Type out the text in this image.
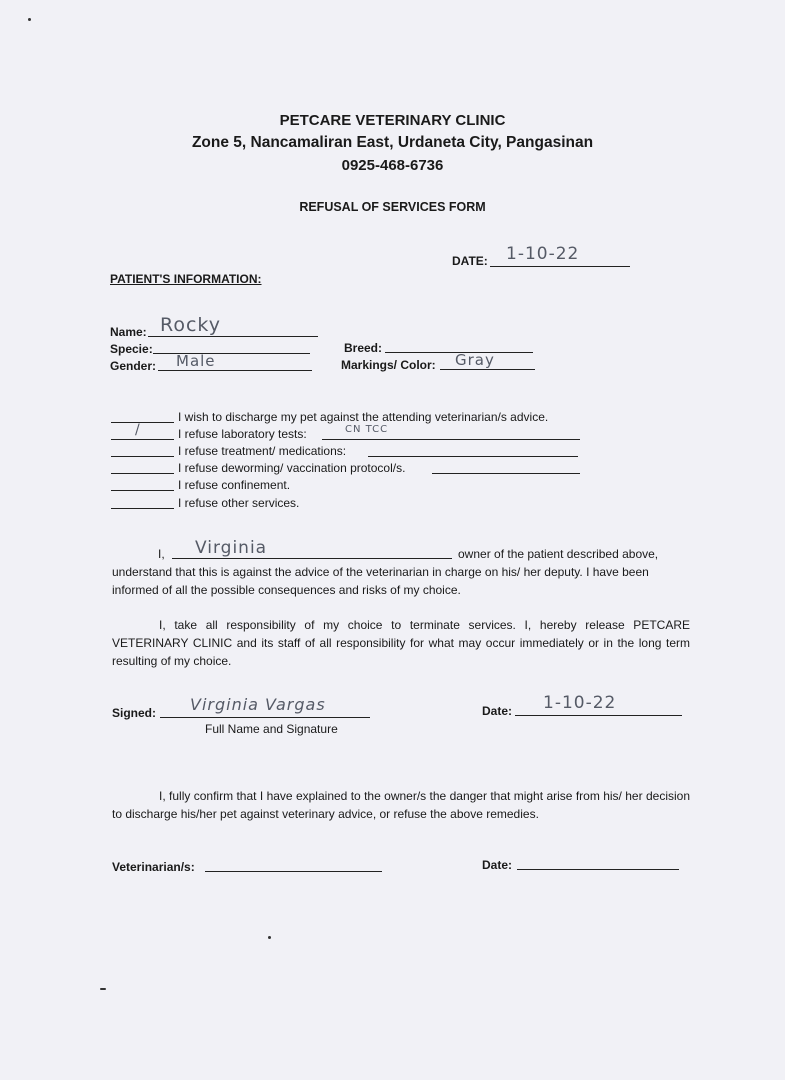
PETCARE VETERINARY CLINIC
Zone 5, Nancamaliran East, Urdaneta City, Pangasinan
0925-468-6736
REFUSAL OF SERVICES FORM
DATE: 1-10-22
PATIENT'S INFORMATION:
Name: Rocky
Specie:
Gender: Male
Breed:
Markings/ Color: Gray
I wish to discharge my pet against the attending veterinarian/s advice.
/	I refuse laboratory tests:	CN TCC
I refuse treatment/ medications:
I refuse deworming/ vaccination protocol/s.
I refuse confinement.
I refuse other services.
I, Virginia	owner of the patient described above,
understand that this is against the advice of the veterinarian in charge on his/ her deputy. I have been informed of all the possible consequences and risks of my choice.
I, take all responsibility of my choice to terminate services. I, hereby release PETCARE VETERINARY CLINIC and its staff of all responsibility for what may occur immediately or in the long term resulting of my choice.
Signed: Virginia Vargas
Full Name and Signature
Date: 1-10-22
I, fully confirm that I have explained to the owner/s the danger that might arise from his/ her decision to discharge his/her pet against veterinary advice, or refuse the above remedies.
Veterinarian/s:	Date:
